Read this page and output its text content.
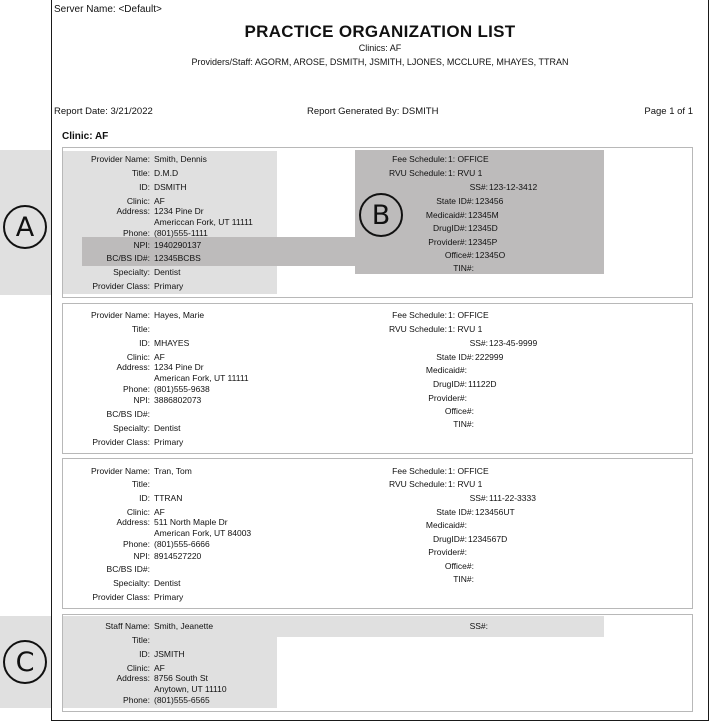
Server Name: <Default>
PRACTICE ORGANIZATION LIST
Clinics: AF
Providers/Staff: AGORM, AROSE, DSMITH, JSMITH, LJONES, MCCLURE, MHAYES, TTRAN
Report Date: 3/21/2022	Report Generated By: DSMITH	Page 1 of 1
Clinic: AF
Provider Name: Smith, Dennis
Title: D.M.D
ID: DSMITH
Clinic: AF
Address: 1234 Pine Dr
Americcan Fork, UT 11111
Phone: (801)555-1111
NPI: 1940290137
BC/BS ID#: 12345BCBS
Specialty: Dentist
Provider Class: Primary
Fee Schedule: 1: OFFICE
RVU Schedule: 1: RVU 1
SS#: 123-12-3412
State ID#: 123456
Medicaid#: 12345M
DrugID#: 12345D
Provider#: 12345P
Office#: 12345O
TIN#:
Provider Name: Hayes, Marie
Title:
ID: MHAYES
Clinic: AF
Address: 1234 Pine Dr
American Fork, UT 11111
Phone: (801)555-9638
NPI: 3886802073
BC/BS ID#:
Specialty: Dentist
Provider Class: Primary
Fee Schedule: 1: OFFICE
RVU Schedule: 1: RVU 1
SS#: 123-45-9999
State ID#: 222999
Medicaid#:
DrugID#: 11122D
Provider#:
Office#:
TIN#:
Provider Name: Tran, Tom
Title:
ID: TTRAN
Clinic: AF
Address: 511 North Maple Dr
American Fork, UT 84003
Phone: (801)555-6666
NPI: 8914527220
BC/BS ID#:
Specialty: Dentist
Provider Class: Primary
Fee Schedule: 1: OFFICE
RVU Schedule: 1: RVU 1
SS#: 111-22-3333
State ID#: 123456UT
Medicaid#:
DrugID#: 1234567D
Provider#:
Office#:
TIN#:
Staff Name: Smith, Jeanette
Title:
ID: JSMITH
Clinic: AF
Address: 8756 South St
Anytown, UT 11110
Phone: (801)555-6565
SS#:
A	B
C
